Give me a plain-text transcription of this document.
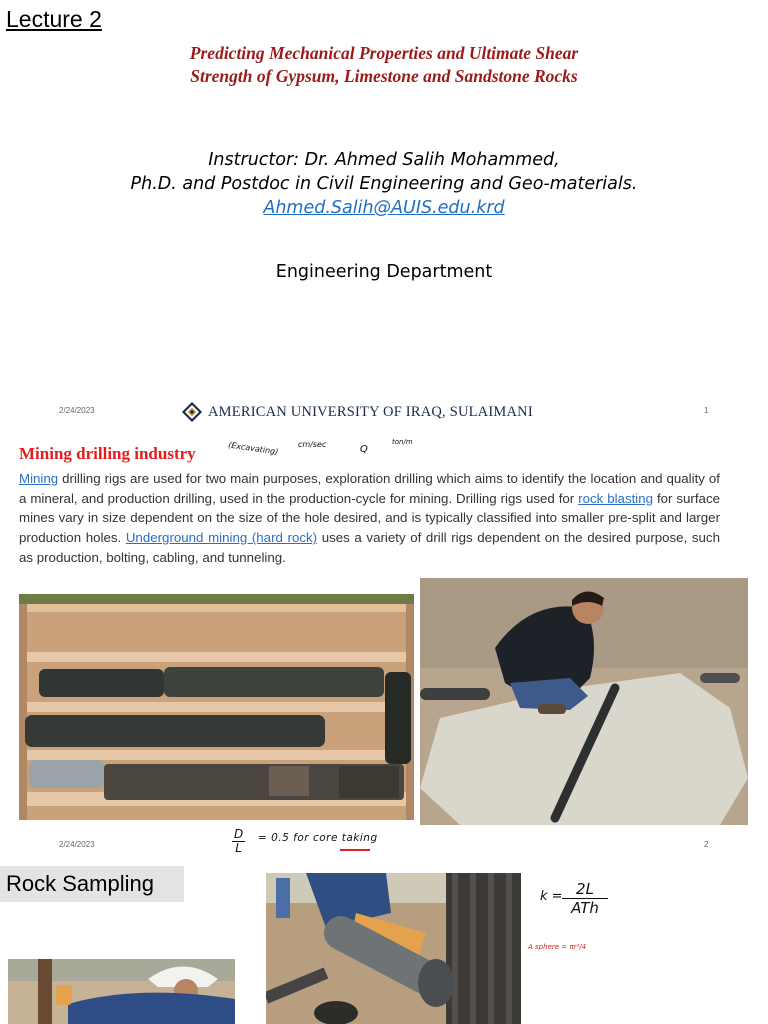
Lecture 2
Predicting Mechanical Properties and Ultimate Shear
Strength of Gypsum, Limestone and Sandstone Rocks
Instructor: Dr. Ahmed Salih Mohammed,
Ph.D. and Postdoc in Civil Engineering and Geo-materials.
Ahmed.Salih@AUIS.edu.krd
Engineering Department
2/24/2023	AMERICAN UNIVERSITY OF IRAQ, SULAIMANI	1
Mining drilling industry	(Excavating) cm/sec	Q
ton/m
Mining drilling rigs are used for two main purposes, exploration drilling which aims to identify the location and quality of a mineral, and production drilling, used in the production-cycle for mining. Drilling rigs used for rock blasting for surface mines vary in size dependent on the size of the hole desired, and is typically classified into smaller pre-split and larger production holes. Underground mining (hard rock) uses a variety of drill rigs dependent on the desired purpose, such as production, bolting, cabling, and tunneling.
2/24/2023	2
$\frac{D}{L} = 0.5$ for core taking
Rock Sampling
k = 2L
ATh
A sphere = πr²/4
